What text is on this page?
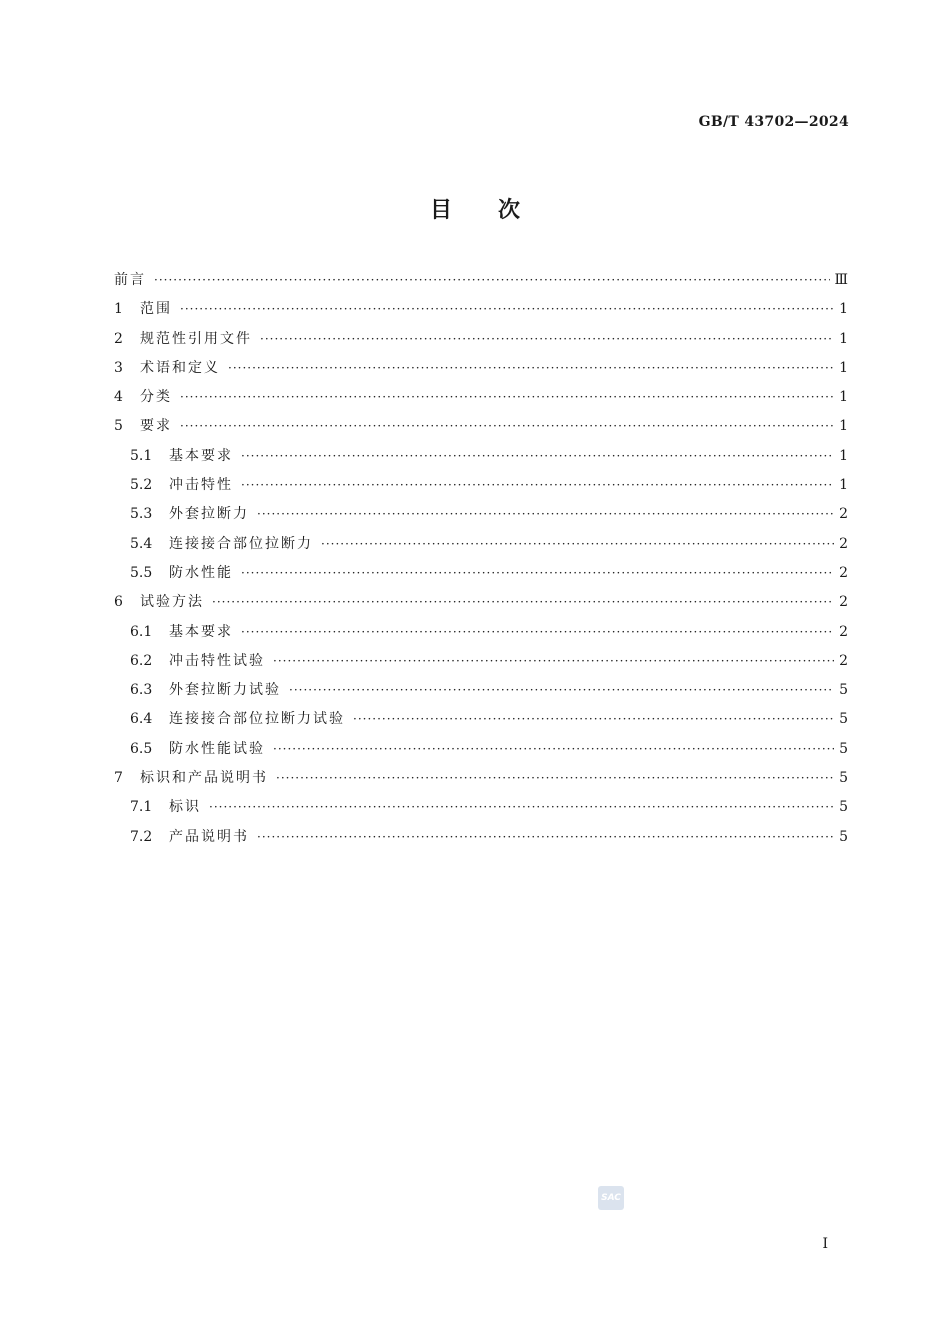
GB/T 43702—2024
目次
前言 ·····	Ⅲ
1	范围 ·····	1
2	规范性引用文件 ·····	1
3	术语和定义 ·····	1
4	分类 ·····	1
5	要求 ·····	1
5.1	基本要求 ·····	1
5.2	冲击特性 ·····	1
5.3	外套拉断力 ·····	2
5.4	连接接合部位拉断力 ·····	2
5.5	防水性能 ·····	2
6	试验方法 ·····	2
6.1	基本要求 ·····	2
6.2	冲击特性试验 ·····	2
6.3	外套拉断力试验 ·····	5
6.4	连接接合部位拉断力试验 ·····	5
6.5	防水性能试验 ·····	5
7	标识和产品说明书 ·····	5
7.1	标识 ·····	5
7.2	产品说明书 ·····	5
SAC
I
